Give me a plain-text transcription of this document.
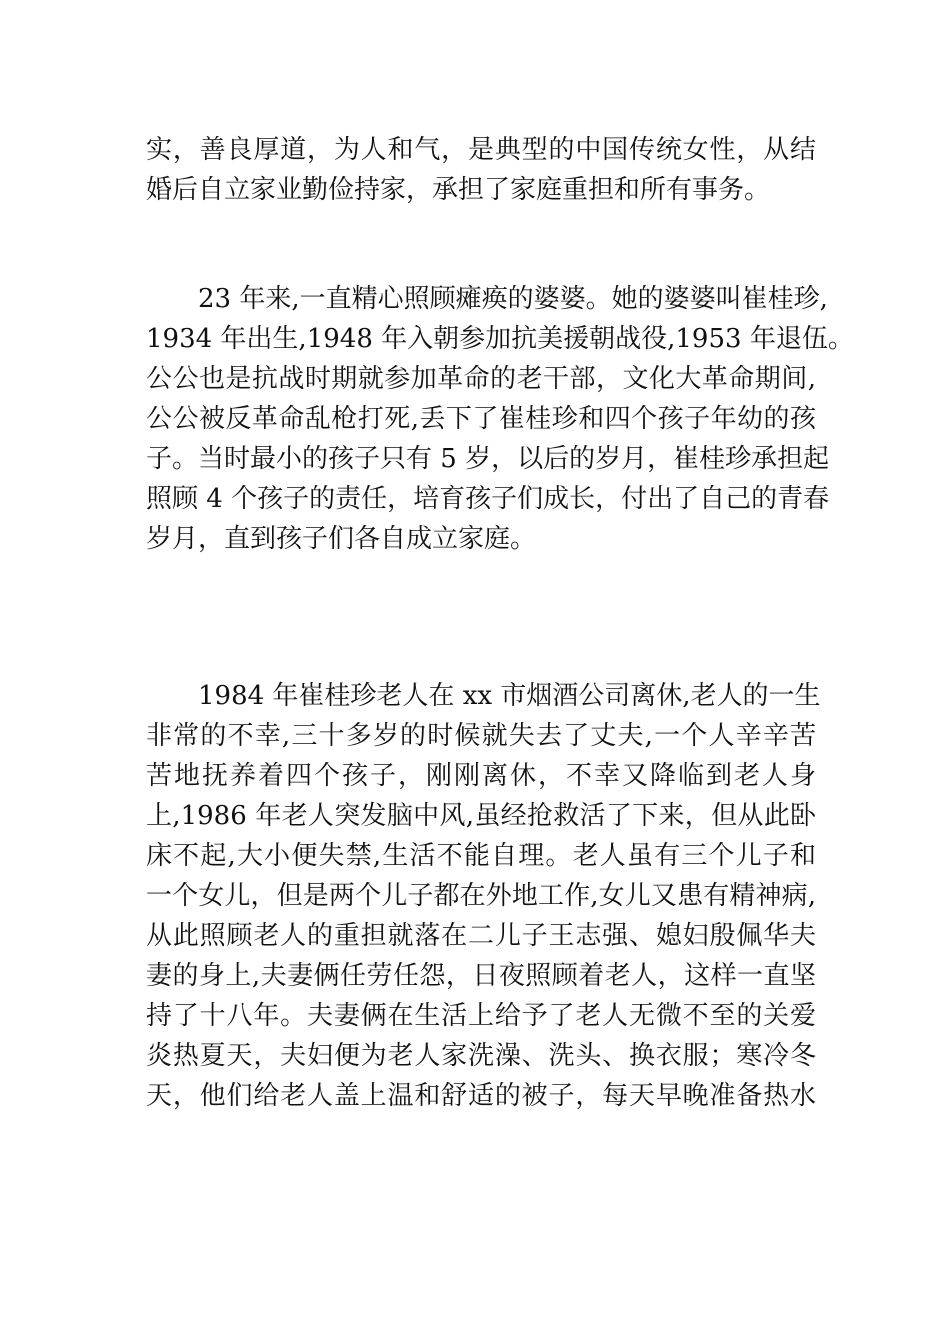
实，善良厚道，为人和气，是典型的中国传统女性，从结
婚后自立家业勤俭持家，承担了家庭重担和所有事务。
　　23 年来,一直精心照顾瘫痪的婆婆。她的婆婆叫崔桂珍,
1934 年出生,1948 年入朝参加抗美援朝战役,1953 年退伍。
公公也是抗战时期就参加革命的老干部，文化大革命期间,
公公被反革命乱枪打死,丢下了崔桂珍和四个孩子年幼的孩
子。当时最小的孩子只有 5 岁，以后的岁月，崔桂珍承担起
照顾 4 个孩子的责任，培育孩子们成长，付出了自己的青春
岁月，直到孩子们各自成立家庭。
　　1984 年崔桂珍老人在 xx 市烟酒公司离休,老人的一生
非常的不幸,三十多岁的时候就失去了丈夫,一个人辛辛苦
苦地抚养着四个孩子，刚刚离休，不幸又降临到老人身
上,1986 年老人突发脑中风,虽经抢救活了下来，但从此卧
床不起,大小便失禁,生活不能自理。老人虽有三个儿子和
一个女儿，但是两个儿子都在外地工作,女儿又患有精神病,
从此照顾老人的重担就落在二儿子王志强、媳妇殷佩华夫
妻的身上,夫妻俩任劳任怨，日夜照顾着老人，这样一直坚
持了十八年。夫妻俩在生活上给予了老人无微不至的关爱
炎热夏天，夫妇便为老人家洗澡、洗头、换衣服；寒冷冬
天，他们给老人盖上温和舒适的被子，每天早晚准备热水
